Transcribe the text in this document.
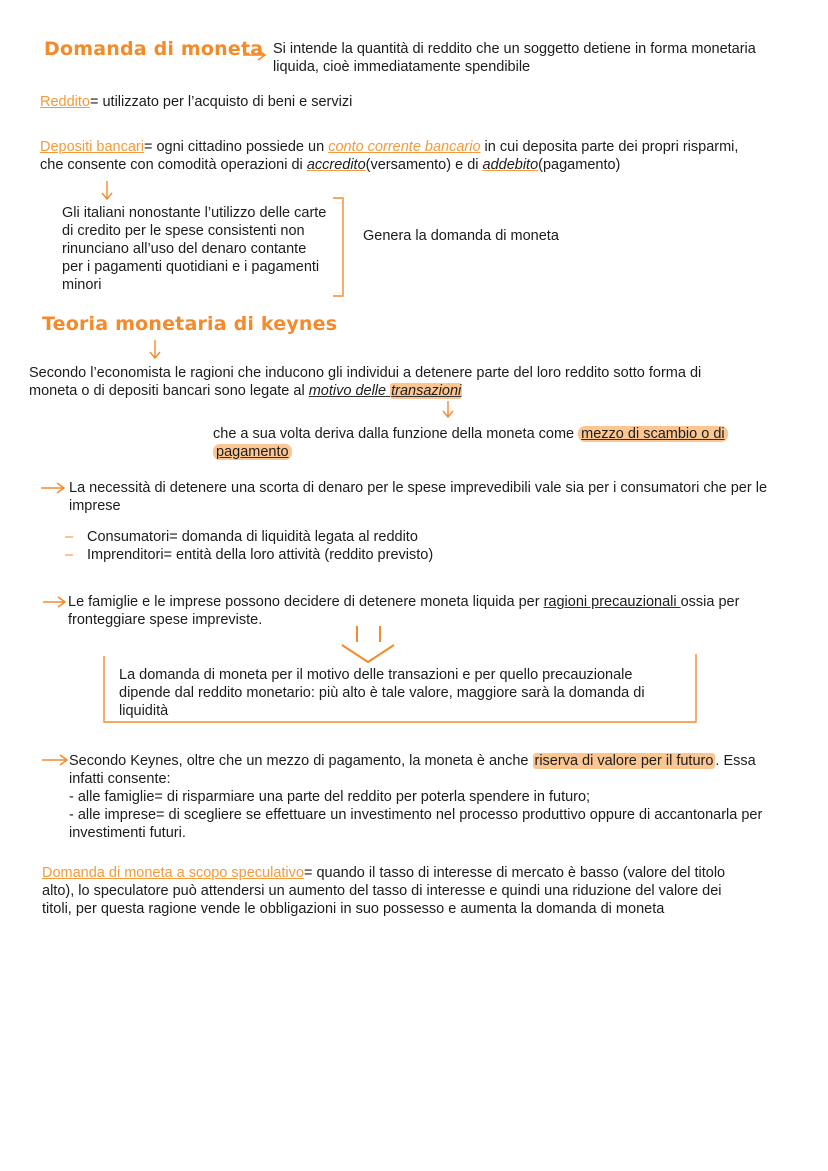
Domanda di moneta Si intende la quantità di reddito che un soggetto detiene in forma monetaria
liquida, cioè immediatamente spendibile
Reddito= utilizzato per l’acquisto di beni e servizi
Depositi bancari= ogni cittadino possiede un conto corrente bancario in cui deposita parte dei propri risparmi,
che consente con comodità operazioni di accredito(versamento) e di addebito(pagamento)
Gli italiani nonostante l’utilizzo delle carte
di credito per le spese consistenti non
rinunciano all’uso del denaro contante
per i pagamenti quotidiani e i pagamenti
minori
Genera la domanda di moneta
Teoria monetaria di keynes
Secondo l’economista le ragioni che inducono gli individui a detenere parte del loro reddito sotto forma di
moneta o di depositi bancari sono legate al motivo delle transazioni
che a sua volta deriva dalla funzione della moneta come mezzo di scambio o di
pagamento
La necessità di detenere una scorta di denaro per le spese imprevedibili vale sia per i consumatori che per le
imprese
– Consumatori= domanda di liquidità legata al reddito
– Imprenditori= entità della loro attività (reddito previsto)
Le famiglie e le imprese possono decidere di detenere moneta liquida per ragioni precauzionali ossia per
fronteggiare spese impreviste.
La domanda di moneta per il motivo delle transazioni e per quello precauzionale
dipende dal reddito monetario: più alto è tale valore, maggiore sarà la domanda di
liquidità
Secondo Keynes, oltre che un mezzo di pagamento, la moneta è anche riserva di valore per il futuro . Essa
infatti consente:
- alle famiglie= di risparmiare una parte del reddito per poterla spendere in futuro;
- alle imprese= di scegliere se effettuare un investimento nel processo produttivo oppure di accantonarla per
investimenti futuri.
Domanda di moneta a scopo speculativo= quando il tasso di interesse di mercato è basso (valore del titolo
alto), lo speculatore può attendersi un aumento del tasso di interesse e quindi una riduzione del valore dei
titoli, per questa ragione vende le obbligazioni in suo possesso e aumenta la domanda di moneta
